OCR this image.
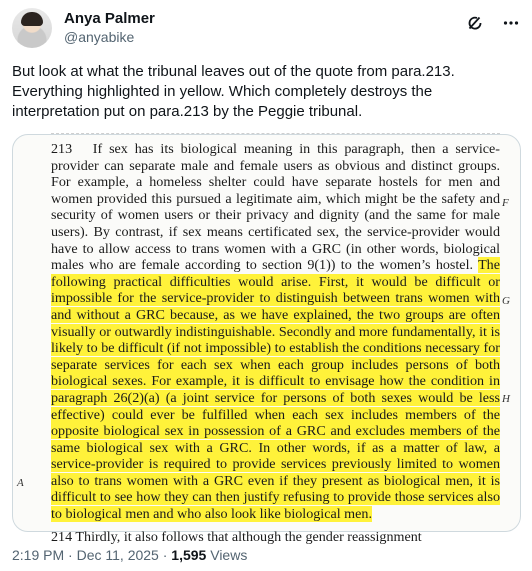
Anya Palmer
@anyabike
But look at what the tribunal leaves out of the quote from para.213. Everything highlighted in yellow. Which completely destroys the interpretation put on para.213 by the Peggie tribunal.

213 If sex has its biological meaning in this paragraph, then a service-provider can separate male and female users as obvious and distinct groups. For example, a homeless shelter could have separate hostels for men and women provided this pursued a legitimate aim, which might be the safety and security of women users or their privacy and dignity (and the same for male users). By contrast, if sex means certificated sex, the service-provider would have to allow access to trans women with a GRC (in other words, biological males who are female according to section 9(1)) to the women’s hostel. The following practical difficulties would arise. First, it would be difficult or impossible for the service-provider to distinguish between trans women with and without a GRC because, as we have explained, the two groups are often visually or outwardly indistinguishable. Secondly and more fundamentally, it is likely to be difficult (if not impossible) to establish the conditions necessary for separate services for each sex when each group includes persons of both biological sexes. For example, it is difficult to envisage how the condition in paragraph 26(2)(a) (a joint service for persons of both sexes would be less effective) could ever be fulfilled when each sex includes members of the opposite biological sex in possession of a GRC and excludes members of the same biological sex with a GRC. In other words, if as a matter of law, a service-provider is required to provide services previously limited to women also to trans women with a GRC even if they present as biological men, it is difficult to see how they can then justify refusing to provide those services also to biological men and who also look like biological men.

214 Thirdly, it also follows that although the gender reassignment

F
G
H
A
2:19 PM · Dec 11, 2025 · 1,595 Views
